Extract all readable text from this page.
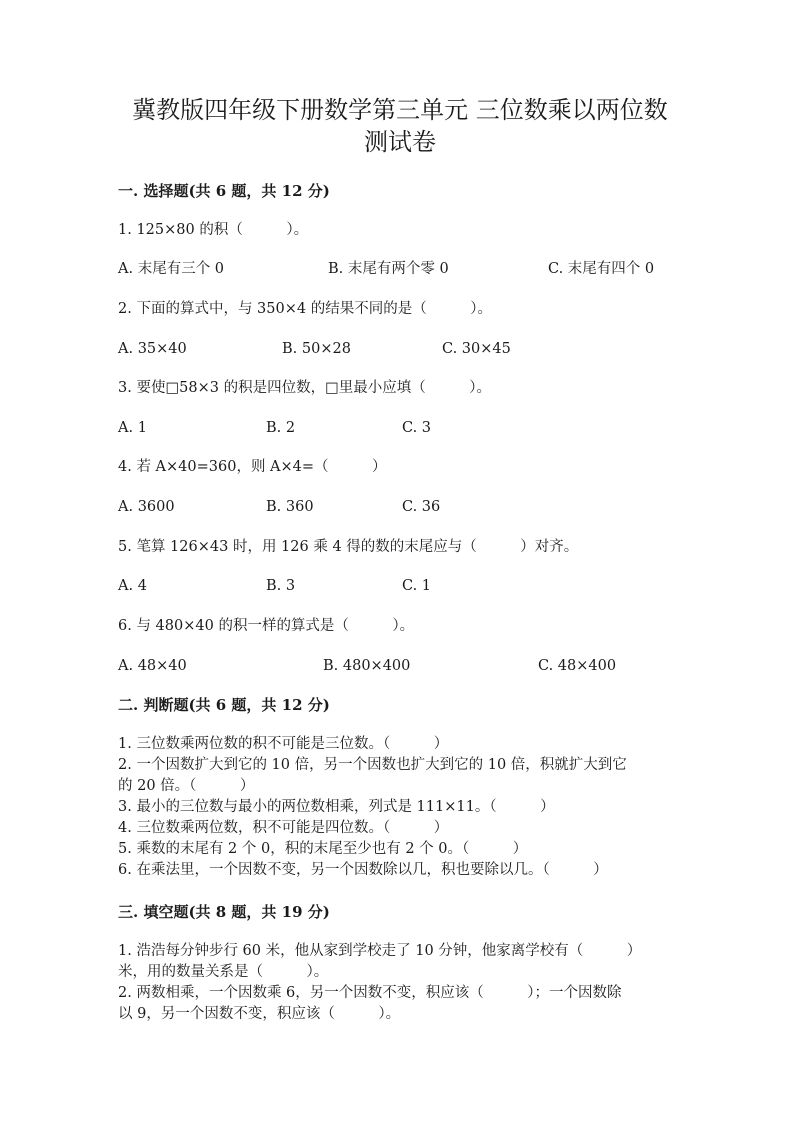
冀教版四年级下册数学第三单元 三位数乘以两位数
测试卷
一. 选择题(共 6 题，共 12 分)
1. 125×80 的积（　　　）。
A. 末尾有三个 0	B. 末尾有两个零 0	C. 末尾有四个 0
2. 下面的算式中，与 350×4 的结果不同的是（　　　）。
A. 35×40	B. 50×28	C. 30×45
3. 要使□58×3 的积是四位数，□里最小应填（　　　）。
A. 1	B. 2	C. 3
4. 若 A×40=360，则 A×4=（　　　）
A. 3600	B. 360	C. 36
5. 笔算 126×43 时，用 126 乘 4 得的数的末尾应与（　　　）对齐。
A. 4	B. 3	C. 1
6. 与 480×40 的积一样的算式是（　　　）。
A. 48×40	B. 480×400	C. 48×400
二. 判断题(共 6 题，共 12 分)
1. 三位数乘两位数的积不可能是三位数。（　　　）
2. 一个因数扩大到它的 10 倍，另一个因数也扩大到它的 10 倍，积就扩大到它
的 20 倍。（　　　）
3. 最小的三位数与最小的两位数相乘，列式是 111×11。（　　　）
4. 三位数乘两位数，积不可能是四位数。（　　　）
5. 乘数的末尾有 2 个 0，积的末尾至少也有 2 个 0。（　　　）
6. 在乘法里，一个因数不变，另一个因数除以几，积也要除以几。（　　　）
三. 填空题(共 8 题，共 19 分)
1. 浩浩每分钟步行 60 米，他从家到学校走了 10 分钟，他家离学校有（　　　）
米，用的数量关系是（　　　）。
2. 两数相乘，一个因数乘 6，另一个因数不变，积应该（　　　）；一个因数除
以 9，另一个因数不变，积应该（　　　）。
